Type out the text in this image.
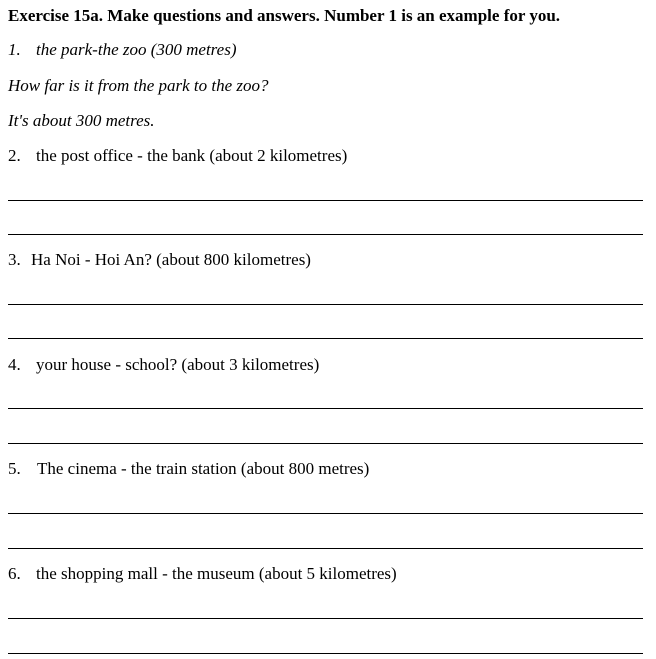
Exercise 15a. Make questions and answers. Number 1 is an example for you.
1. the park-the zoo (300 metres)
How far is it from the park to the zoo?
It's about 300 metres.
2. the post office - the bank (about 2 kilometres)
3. Ha Noi - Hoi An? (about 800 kilometres)
4. your house - school? (about 3 kilometres)
5. The cinema - the train station (about 800 metres)
6. the shopping mall - the museum (about 5 kilometres)
